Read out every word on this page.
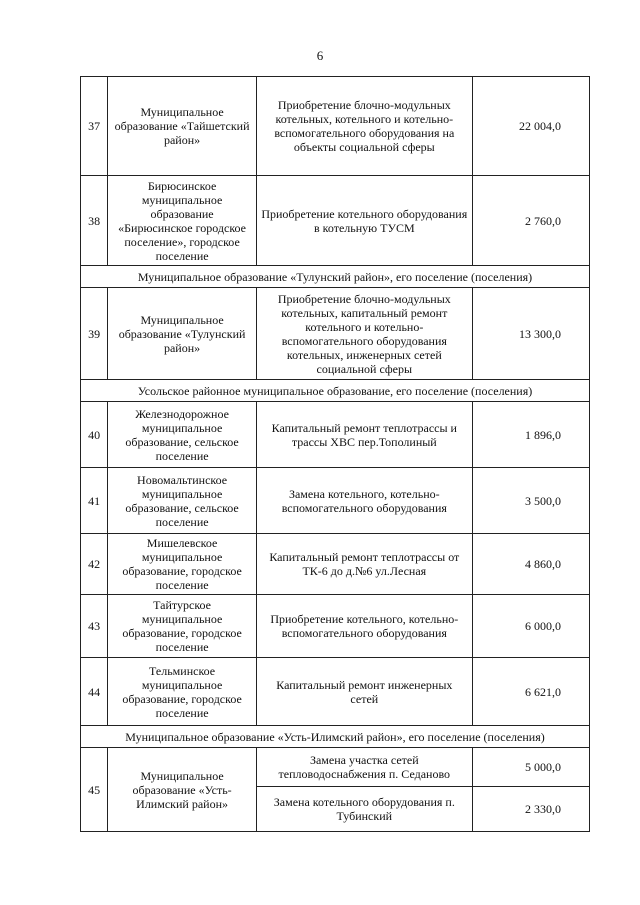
6
37	Муниципальное образование «Тайшетский район»	Приобретение блочно-модульных котельных, котельного и котельно-вспомогательного оборудования на объекты социальной сферы	22 004,0
38	Бирюсинское муниципальное образование «Бирюсинское городское поселение», городское поселение	Приобретение котельного оборудования в котельную ТУСМ	2 760,0
Муниципальное образование «Тулунский район», его поселение (поселения)			
39	Муниципальное образование «Тулунский район»	Приобретение блочно-модульных котельных, капитальный ремонт котельного и котельно-вспомогательного оборудования котельных, инженерных сетей социальной сферы	13 300,0
Усольское районное муниципальное образование, его поселение (поселения)			
40	Железнодорожное муниципальное образование, сельское поселение	Капитальный ремонт теплотрассы и трассы ХВС пер.Тополиный	1 896,0
41	Новомальтинское муниципальное образование, сельское поселение	Замена котельного, котельно-вспомогательного оборудования	3 500,0
42	Мишелевское муниципальное образование, городское поселение	Капитальный ремонт теплотрассы от ТК-6 до д.№6 ул.Лесная	4 860,0
43	Тайтурское муниципальное образование, городское поселение	Приобретение котельного, котельно-вспомогательного оборудования	6 000,0
44	Тельминское муниципальное образование, городское поселение	Капитальный ремонт инженерных сетей	6 621,0
Муниципальное образование «Усть-Илимский район», его поселение (поселения)			
45	Муниципальное образование «Усть-Илимский район»	Замена участка сетей тепловодоснабжения п. Седаново	5 000,0
		Замена котельного оборудования п. Тубинский	2 330,0
